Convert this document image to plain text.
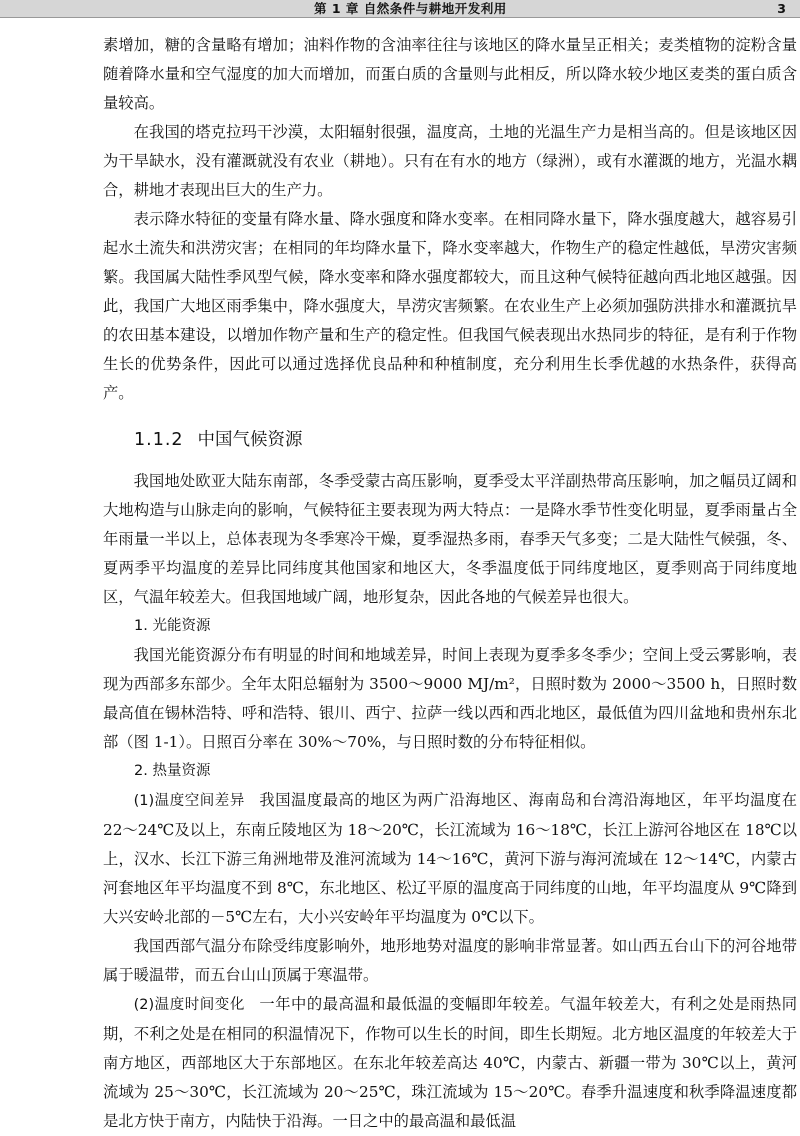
第 1 章 自然条件与耕地开发利用	3

素增加，糖的含量略有增加；油料作物的含油率往往与该地区的降水量呈正相关；麦类植物的淀粉含量随着降水量和空气湿度的加大而增加，而蛋白质的含量则与此相反，所以降水较少地区麦类的蛋白质含量较高。

在我国的塔克拉玛干沙漠，太阳辐射很强，温度高，土地的光温生产力是相当高的。但是该地区因为干旱缺水，没有灌溉就没有农业（耕地）。只有在有水的地方（绿洲），或有水灌溉的地方，光温水耦合，耕地才表现出巨大的生产力。

表示降水特征的变量有降水量、降水强度和降水变率。在相同降水量下，降水强度越大，越容易引起水土流失和洪涝灾害；在相同的年均降水量下，降水变率越大，作物生产的稳定性越低，旱涝灾害频繁。我国属大陆性季风型气候，降水变率和降水强度都较大，而且这种气候特征越向西北地区越强。因此，我国广大地区雨季集中，降水强度大，旱涝灾害频繁。在农业生产上必须加强防洪排水和灌溉抗旱的农田基本建设，以增加作物产量和生产的稳定性。但我国气候表现出水热同步的特征，是有利于作物生长的优势条件，因此可以通过选择优良品种和种植制度，充分利用生长季优越的水热条件，获得高产。

1.1.2 中国气候资源

我国地处欧亚大陆东南部，冬季受蒙古高压影响，夏季受太平洋副热带高压影响，加之幅员辽阔和大地构造与山脉走向的影响，气候特征主要表现为两大特点：一是降水季节性变化明显，夏季雨量占全年雨量一半以上，总体表现为冬季寒冷干燥，夏季湿热多雨，春季天气多变；二是大陆性气候强，冬、夏两季平均温度的差异比同纬度其他国家和地区大，冬季温度低于同纬度地区，夏季则高于同纬度地区，气温年较差大。但我国地域广阔，地形复杂，因此各地的气候差异也很大。

1. 光能资源

我国光能资源分布有明显的时间和地域差异，时间上表现为夏季多冬季少；空间上受云雾影响，表现为西部多东部少。全年太阳总辐射为 3500～9000 MJ/m²，日照时数为 2000～3500 h，日照时数最高值在锡林浩特、呼和浩特、银川、西宁、拉萨一线以西和西北地区，最低值为四川盆地和贵州东北部（图 1-1）。日照百分率在 30%～70%，与日照时数的分布特征相似。

2. 热量资源

(1)温度空间差异 我国温度最高的地区为两广沿海地区、海南岛和台湾沿海地区，年平均温度在 22～24℃及以上，东南丘陵地区为 18～20℃，长江流域为 16～18℃，长江上游河谷地区在 18℃以上，汉水、长江下游三角洲地带及淮河流域为 14～16℃，黄河下游与海河流域在 12～14℃，内蒙古河套地区年平均温度不到 8℃，东北地区、松辽平原的温度高于同纬度的山地，年平均温度从 9℃降到大兴安岭北部的－5℃左右，大小兴安岭年平均温度为 0℃以下。

我国西部气温分布除受纬度影响外，地形地势对温度的影响非常显著。如山西五台山下的河谷地带属于暖温带，而五台山山顶属于寒温带。

(2)温度时间变化 一年中的最高温和最低温的变幅即年较差。气温年较差大，有利之处是雨热同期，不利之处是在相同的积温情况下，作物可以生长的时间，即生长期短。北方地区温度的年较差大于南方地区，西部地区大于东部地区。在东北年较差高达 40℃，内蒙古、新疆一带为 30℃以上，黄河流域为 25～30℃，长江流域为 20～25℃，珠江流域为 15～20℃。春季升温速度和秋季降温速度都是北方快于南方，内陆快于沿海。一日之中的最高温和最低温
